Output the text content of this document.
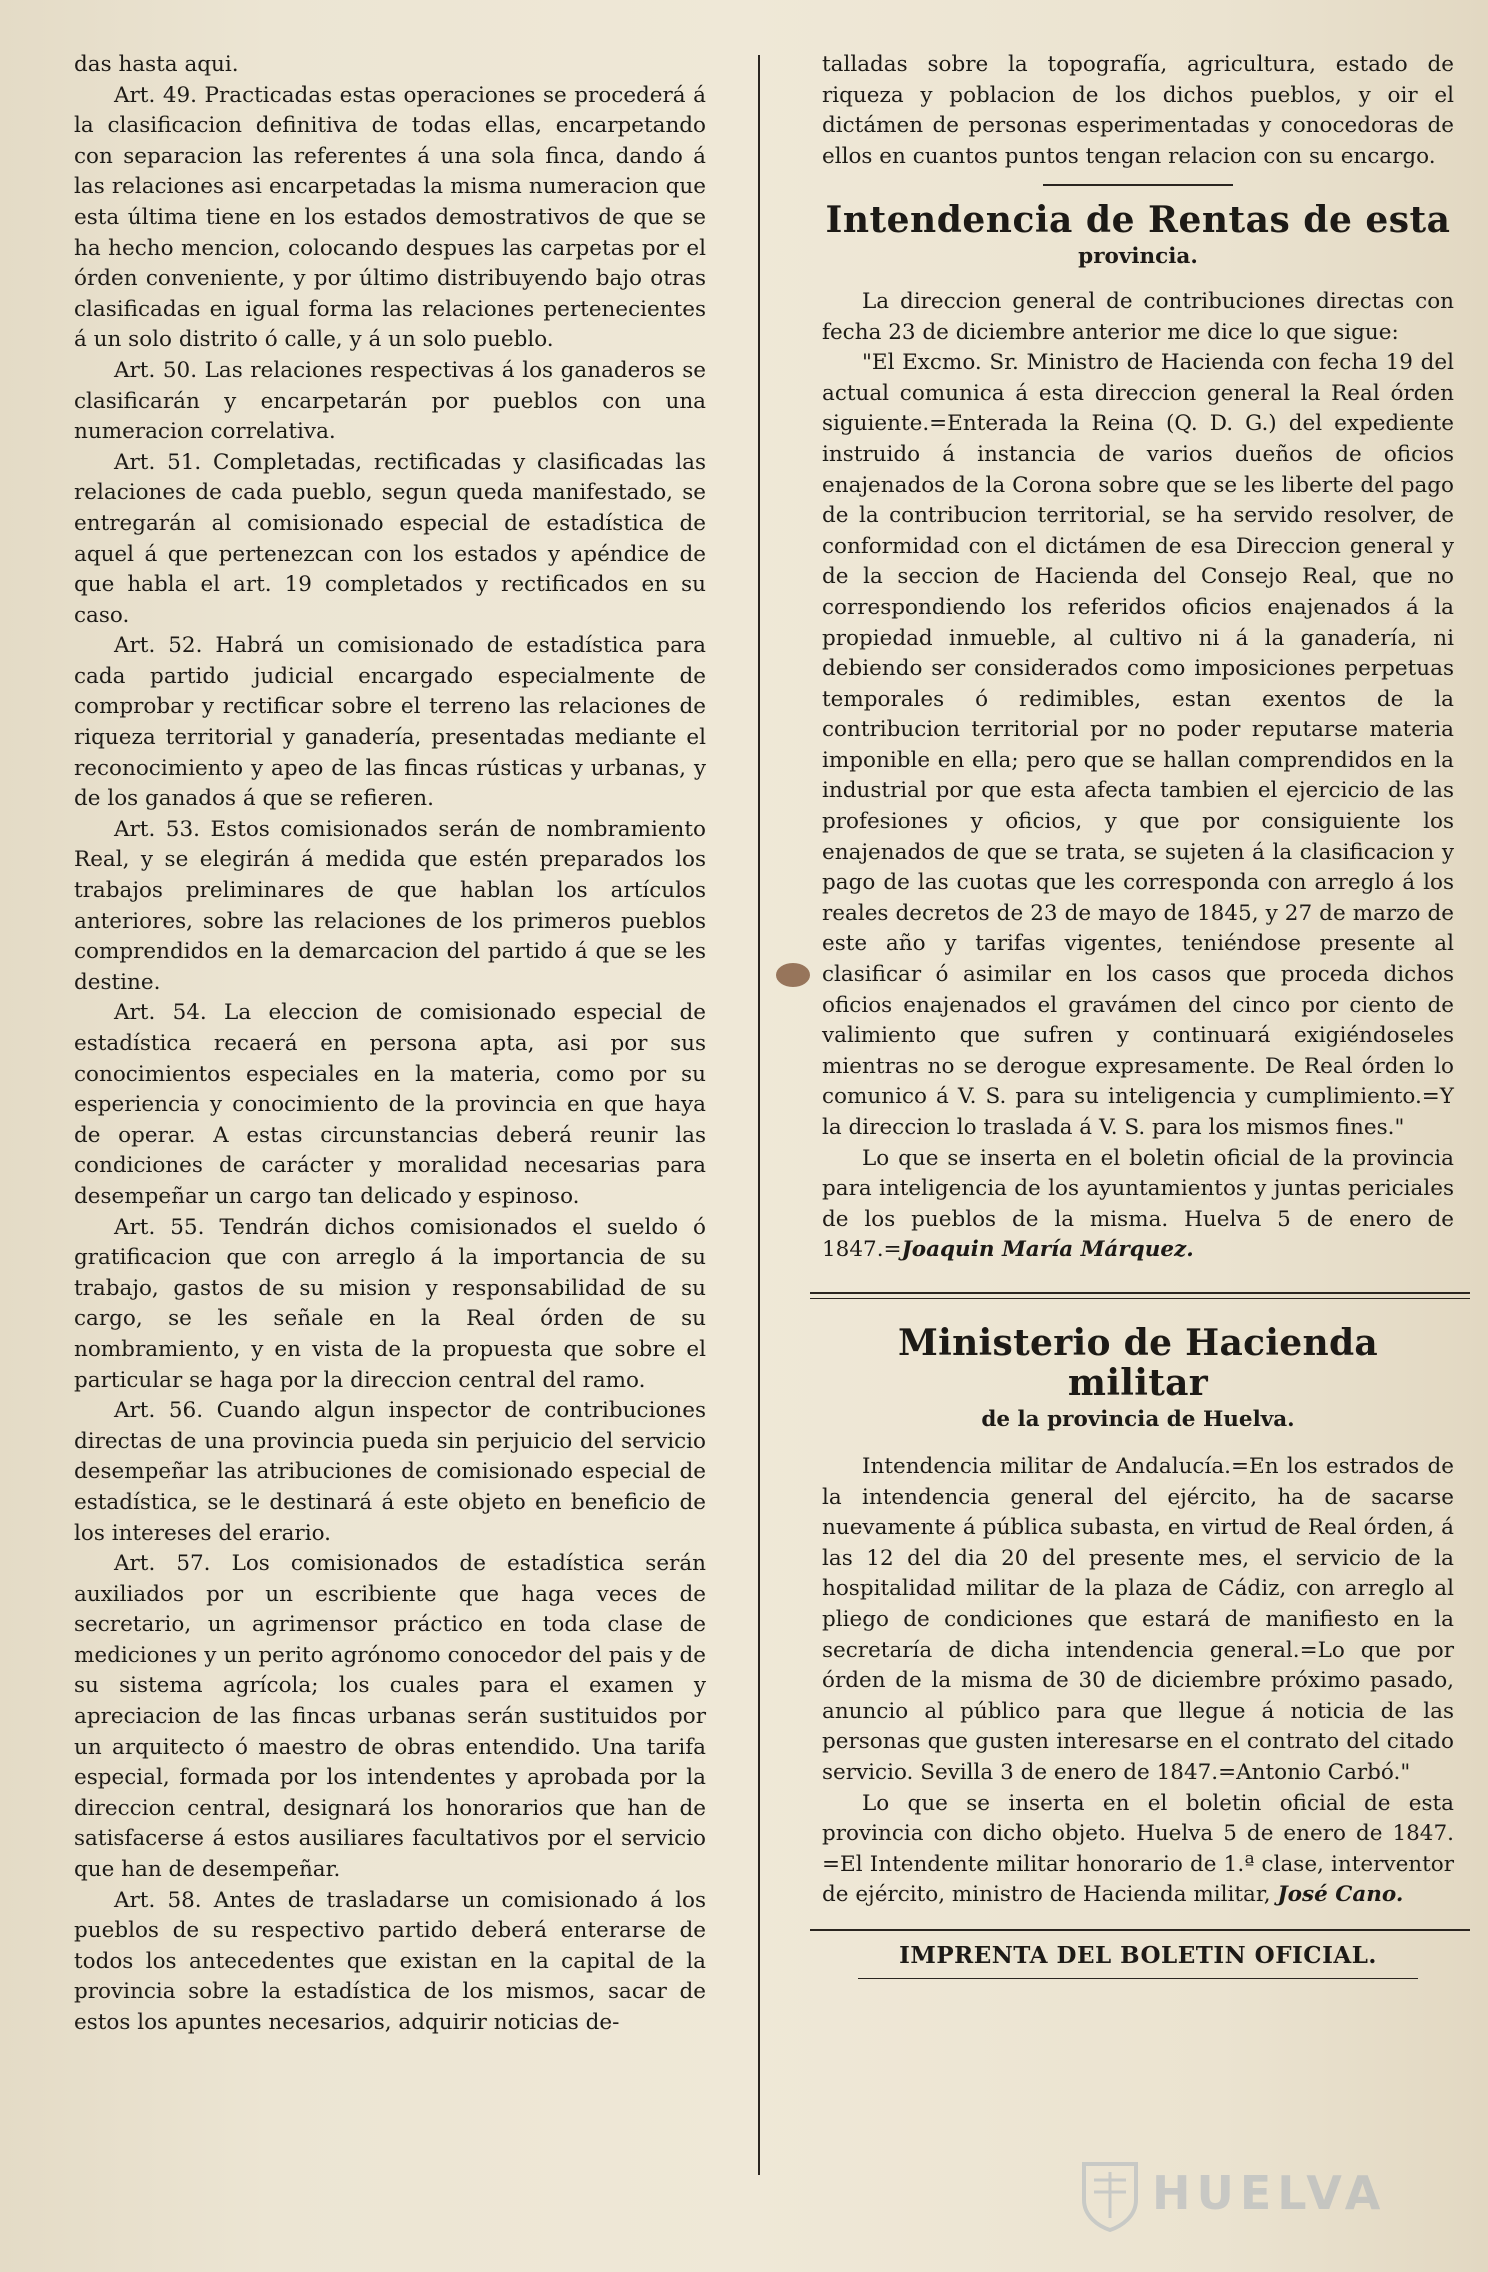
das hasta aqui.

Art. 49. Practicadas estas operaciones se procederá á la clasificacion definitiva de todas ellas, encarpetando con separacion las referentes á una sola finca, dando á las relaciones asi encarpetadas la misma numeracion que esta última tiene en los estados demostrativos de que se ha hecho mencion, colocando despues las carpetas por el órden conveniente, y por último distribuyendo bajo otras clasificadas en igual forma las relaciones pertenecientes á un solo distrito ó calle, y á un solo pueblo.

Art. 50. Las relaciones respectivas á los ganaderos se clasificarán y encarpetarán por pueblos con una numeracion correlativa.

Art. 51. Completadas, rectificadas y clasificadas las relaciones de cada pueblo, segun queda manifestado, se entregarán al comisionado especial de estadística de aquel á que pertenezcan con los estados y apéndice de que habla el art. 19 completados y rectificados en su caso.

Art. 52. Habrá un comisionado de estadística para cada partido judicial encargado especialmente de comprobar y rectificar sobre el terreno las relaciones de riqueza territorial y ganadería, presentadas mediante el reconocimiento y apeo de las fincas rústicas y urbanas, y de los ganados á que se refieren.

Art. 53. Estos comisionados serán de nombramiento Real, y se elegirán á medida que estén preparados los trabajos preliminares de que hablan los artículos anteriores, sobre las relaciones de los primeros pueblos comprendidos en la demarcacion del partido á que se les destine.

Art. 54. La eleccion de comisionado especial de estadística recaerá en persona apta, asi por sus conocimientos especiales en la materia, como por su esperiencia y conocimiento de la provincia en que haya de operar. A estas circunstancias deberá reunir las condiciones de carácter y moralidad necesarias para desempeñar un cargo tan delicado y espinoso.

Art. 55. Tendrán dichos comisionados el sueldo ó gratificacion que con arreglo á la importancia de su trabajo, gastos de su mision y responsabilidad de su cargo, se les señale en la Real órden de su nombramiento, y en vista de la propuesta que sobre el particular se haga por la direccion central del ramo.

Art. 56. Cuando algun inspector de contribuciones directas de una provincia pueda sin perjuicio del servicio desempeñar las atribuciones de comisionado especial de estadística, se le destinará á este objeto en beneficio de los intereses del erario.

Art. 57. Los comisionados de estadística serán auxiliados por un escribiente que haga veces de secretario, un agrimensor práctico en toda clase de mediciones y un perito agrónomo conocedor del pais y de su sistema agrícola; los cuales para el examen y apreciacion de las fincas urbanas serán sustituidos por un arquitecto ó maestro de obras entendido. Una tarifa especial, formada por los intendentes y aprobada por la direccion central, designará los honorarios que han de satisfacerse á estos ausiliares facultativos por el servicio que han de desempeñar.

Art. 58. Antes de trasladarse un comisionado á los pueblos de su respectivo partido deberá enterarse de todos los antecedentes que existan en la capital de la provincia sobre la estadística de los mismos, sacar de estos los apuntes necesarios, adquirir noticias de-

talladas sobre la topografía, agricultura, estado de riqueza y poblacion de los dichos pueblos, y oir el dictámen de personas esperimentadas y conocedoras de ellos en cuantos puntos tengan relacion con su encargo.

Intendencia de Rentas de esta
provincia.

La direccion general de contribuciones directas con fecha 23 de diciembre anterior me dice lo que sigue:

"El Excmo. Sr. Ministro de Hacienda con fecha 19 del actual comunica á esta direccion general la Real órden siguiente.=Enterada la Reina (Q. D. G.) del expediente instruido á instancia de varios dueños de oficios enajenados de la Corona sobre que se les liberte del pago de la contribucion territorial, se ha servido resolver, de conformidad con el dictámen de esa Direccion general y de la seccion de Hacienda del Consejo Real, que no correspondiendo los referidos oficios enajenados á la propiedad inmueble, al cultivo ni á la ganadería, ni debiendo ser considerados como imposiciones perpetuas temporales ó redimibles, estan exentos de la contribucion territorial por no poder reputarse materia imponible en ella; pero que se hallan comprendidos en la industrial por que esta afecta tambien el ejercicio de las profesiones y oficios, y que por consiguiente los enajenados de que se trata, se sujeten á la clasificacion y pago de las cuotas que les corresponda con arreglo á los reales decretos de 23 de mayo de 1845, y 27 de marzo de este año y tarifas vigentes, teniéndose presente al clasificar ó asimilar en los casos que proceda dichos oficios enajenados el gravámen del cinco por ciento de valimiento que sufren y continuará exigiéndoseles mientras no se derogue expresamente. De Real órden lo comunico á V. S. para su inteligencia y cumplimiento.=Y la direccion lo traslada á V. S. para los mismos fines."

Lo que se inserta en el boletin oficial de la provincia para inteligencia de los ayuntamientos y juntas periciales de los pueblos de la misma. Huelva 5 de enero de 1847.=Joaquin María Márquez.

Ministerio de Hacienda militar
de la provincia de Huelva.

Intendencia militar de Andalucía.=En los estrados de la intendencia general del ejército, ha de sacarse nuevamente á pública subasta, en virtud de Real órden, á las 12 del dia 20 del presente mes, el servicio de la hospitalidad militar de la plaza de Cádiz, con arreglo al pliego de condiciones que estará de manifiesto en la secretaría de dicha intendencia general.=Lo que por órden de la misma de 30 de diciembre próximo pasado, anuncio al público para que llegue á noticia de las personas que gusten interesarse en el contrato del citado servicio. Sevilla 3 de enero de 1847.=Antonio Carbó."

Lo que se inserta en el boletin oficial de esta provincia con dicho objeto. Huelva 5 de enero de 1847. =El Intendente militar honorario de 1.ª clase, interventor de ejército, ministro de Hacienda militar, José Cano.

IMPRENTA DEL BOLETIN OFICIAL.
HUELVA
